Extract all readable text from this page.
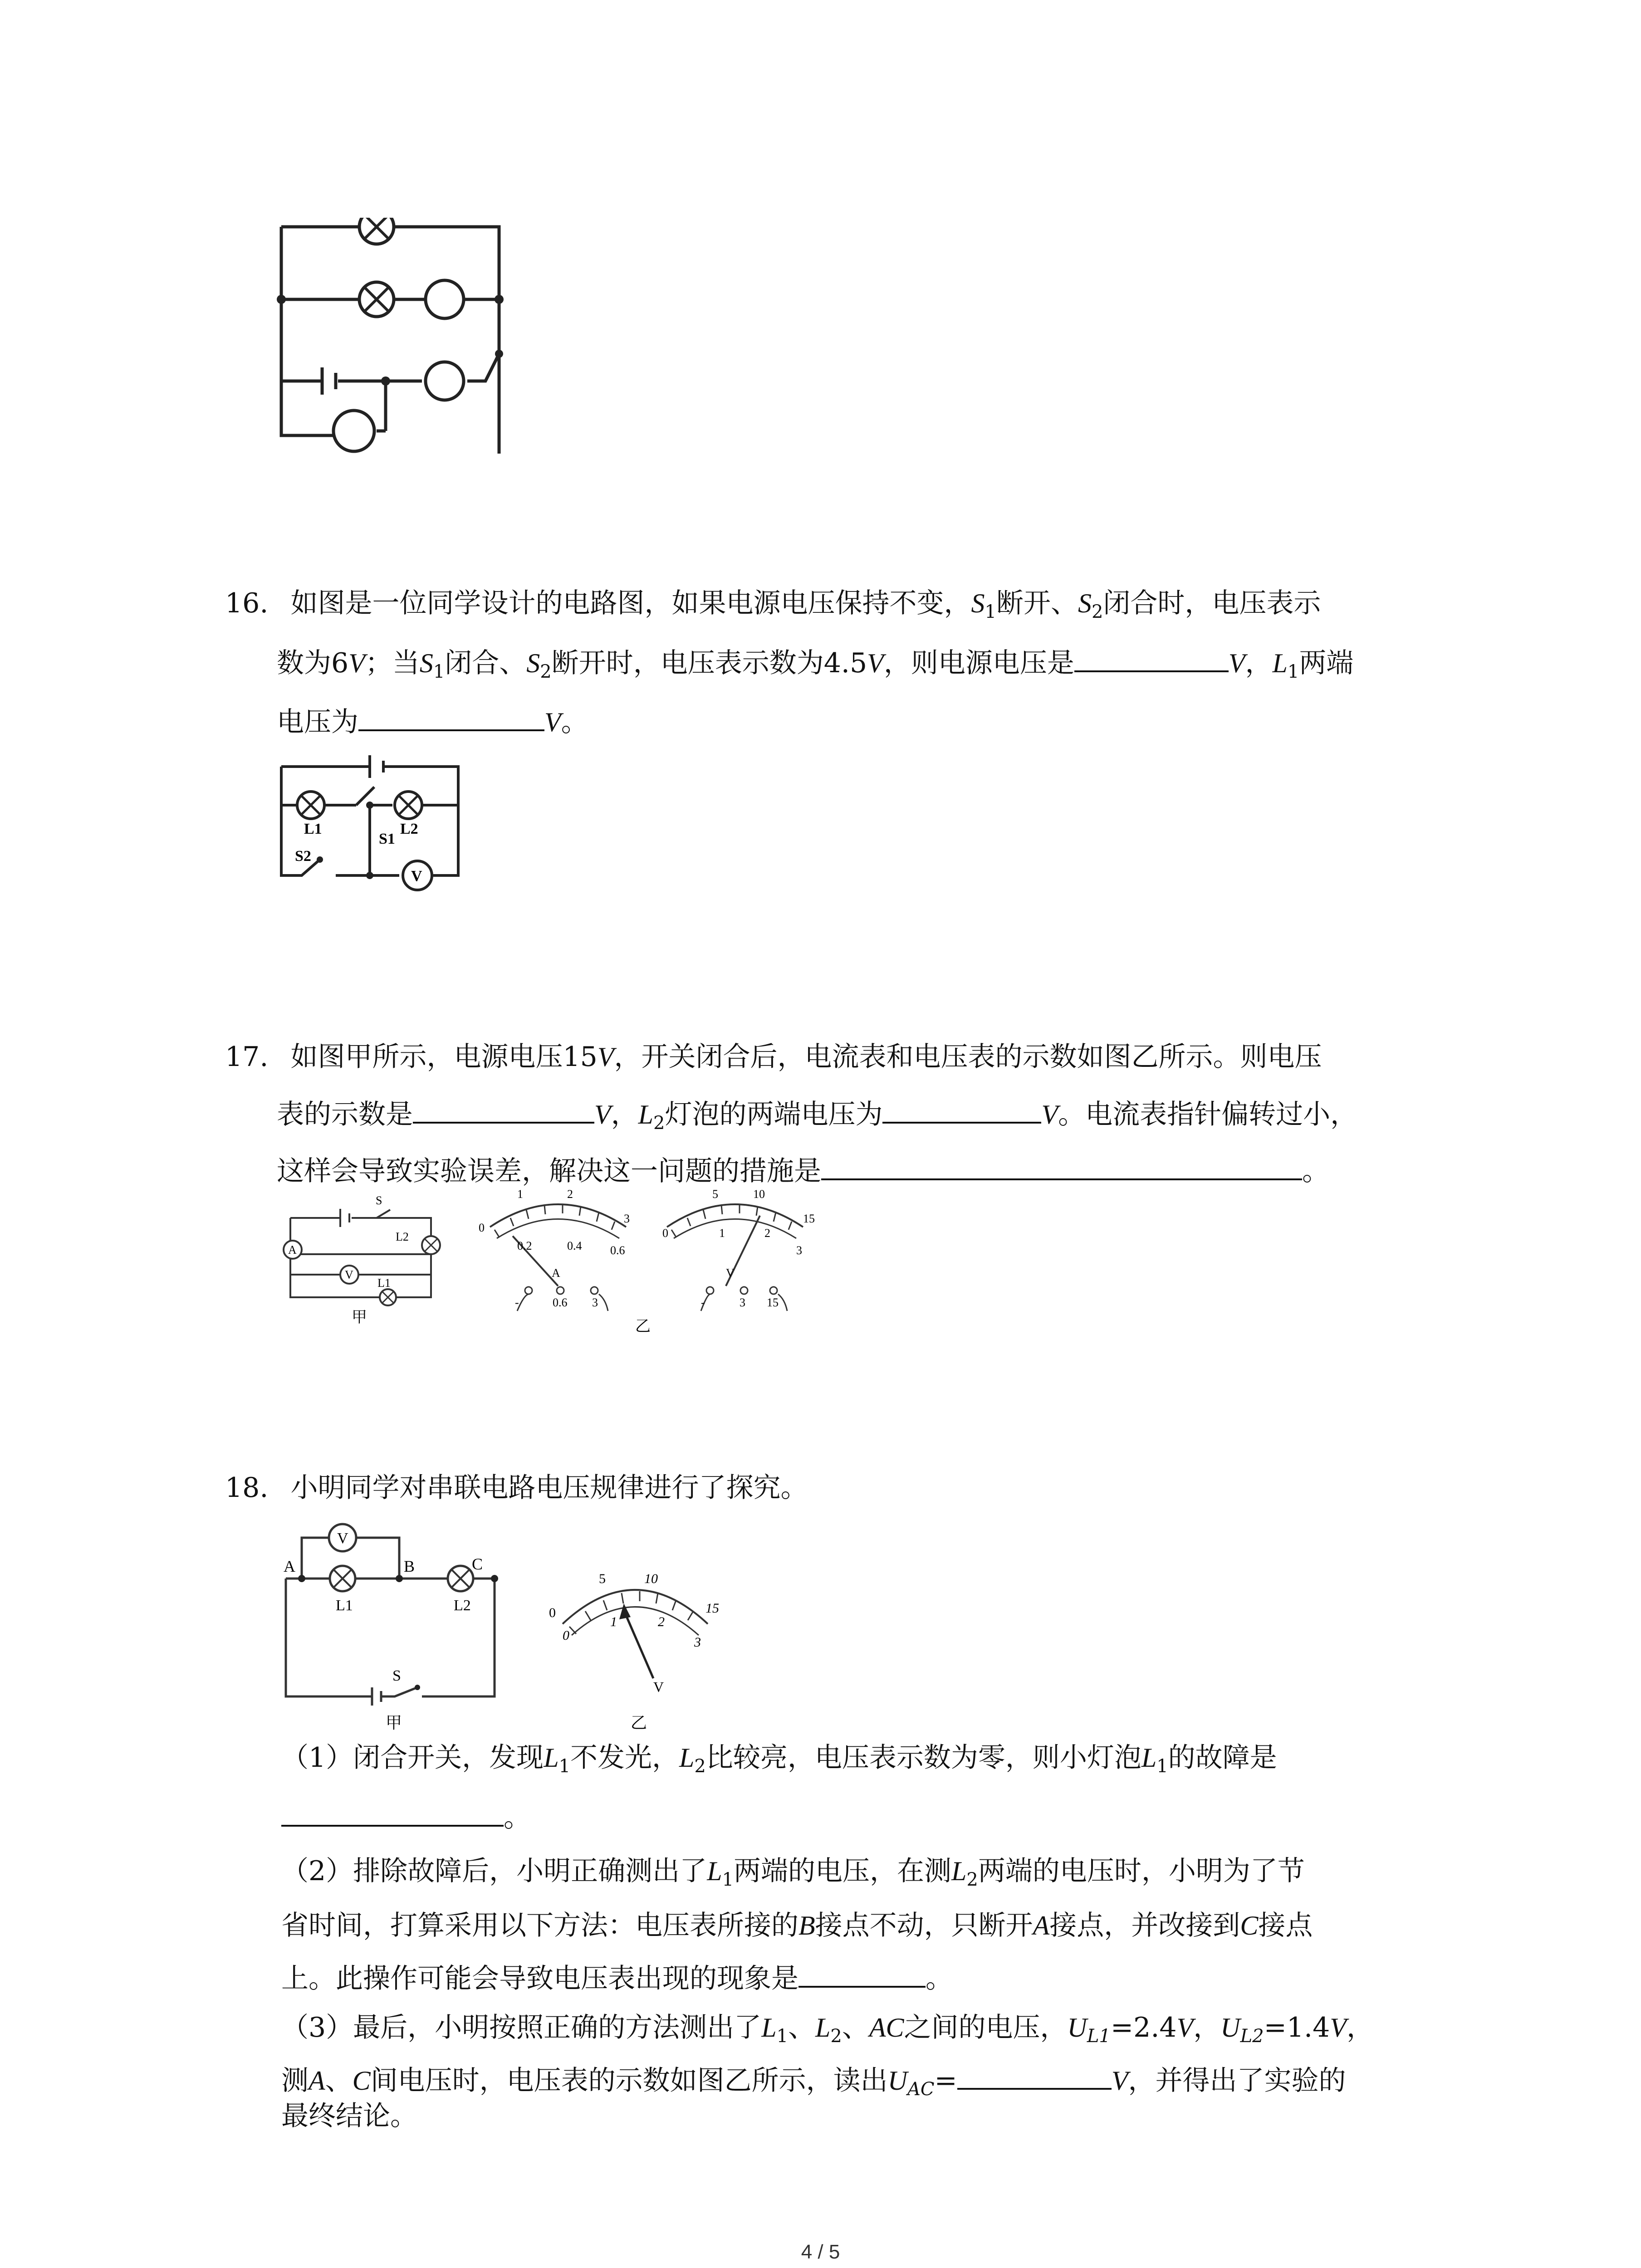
16. 如图是一位同学设计的电路图，如果电源电压保持不变，$S_1$断开、$S_2$闭合时，电压表示
数为6V；当$S_1$闭合、$S_2$断开时，电压表示数为4.5V，则电源电压是	V，$L_1$两端
电压为	V。
L1	L2
S1
S2
V
17. 如图甲所示，电源电压15V，开关闭合后，电流表和电压表的示数如图乙所示。则电压
表的示数是	V，$L_2$灯泡的两端电压为	V。电流表指针偏转过小，
这样会导致实验误差，解决这一问题的措施是	。
S
A
L2
V
L1
甲
1	2
3
0
0.2	0.4 0.6
A
-	0.6 3
5	10
15
0	1	2
3
V
-	3 15
乙
18. 小明同学对串联电路电压规律进行了探究。
V
A	B	C
L1	L2
S
甲
5	10
15
0
0
1	2
3
V
乙
（1）闭合开关，发现$L_1$不发光，$L_2$比较亮，电压表示数为零，则小灯泡$L_1$的故障是
。
（2）排除故障后，小明正确测出了$L_1$两端的电压，在测$L_2$两端的电压时，小明为了节
省时间，打算采用以下方法：电压表所接的B接点不动，只断开A接点，并改接到C接点
上。此操作可能会导致电压表出现的现象是	。
（3）最后，小明按照正确的方法测出了$L_1$、$L_2$、AC之间的电压，$U_{L1}=2.4V$，$U_{L2}=1.4V$，
测A、C间电压时，电压表的示数如图乙所示，读出$U_{AC}=$	V，并得出了实验的
最终结论。
4 / 5
